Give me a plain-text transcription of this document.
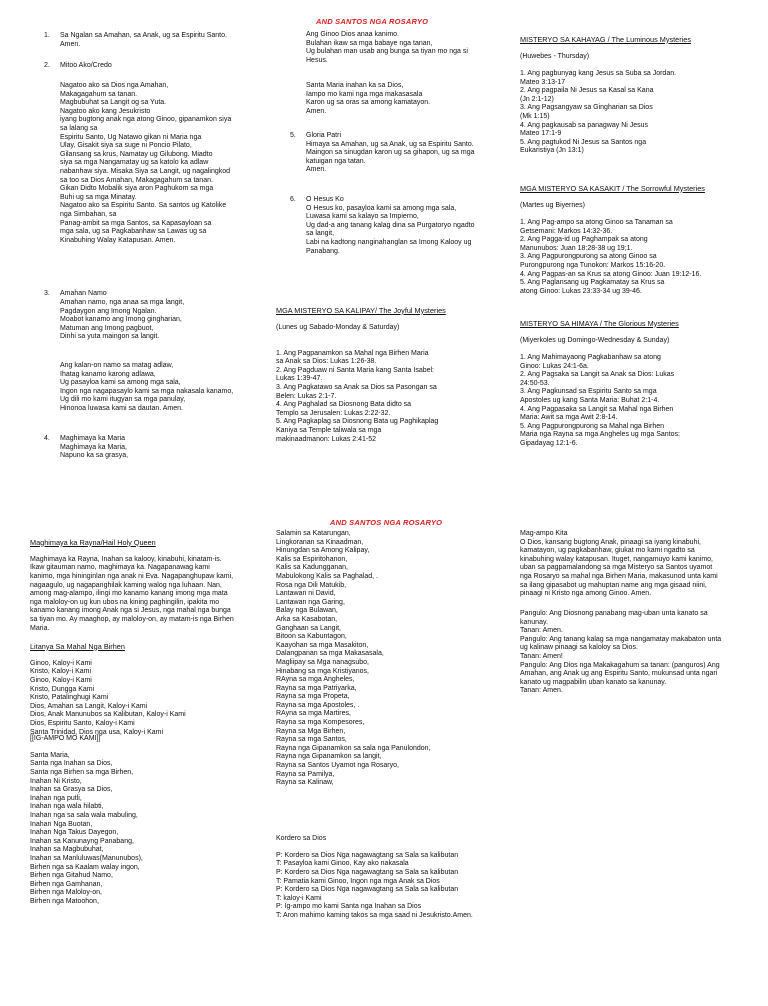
AND SANTOS NGA ROSARYO
AND SANTOS NGA ROSARYO
1. Sa Ngalan sa Amahan, sa Anak, ug sa Espiritu Santo.
Amen.
2. Mitoo Ako/Credo
Nagatoo ako sa Dios nga Amahan,
Makagagahum sa tanan.
Magbubuhat sa Langit og sa Yuta.
Nagatoo ako kang Jesukristo
iyang bugtong anak nga atong Ginoo, gipanamkon siya
sa lalang sa
Espiritu Santo, Ug Natawo gikan ni Maria nga
Ulay, Gisakit siya sa suge ni Poncio Pilato,
Gilansang sa krus, Namatay ug Gilubong. Miadto
siya sa mga Nangamatay ug sa katolo ka adlaw
nabanhaw siya. Misaka Siya sa Langit, ug nagalingkod
sa too sa Dios Amahan, Makagagahum sa tanan.
Gikan Didto Mobalik siya aron Paghukom sa mga
Buhi ug sa mga Minatay.
Nagatoo ako sa Espiritu Santo. Sa santos ug Katolike
nga Simbahan, sa
Panag-ambit sa mga Santos, sa Kapasayloan sa
mga sala, ug sa Pagkabanhaw sa Lawas ug sa
Kinabuhing Walay Katapusan. Amen.
3. Amahan Namo
Amahan namo, nga anaa sa mga langit,
Pagdaygon ang Imong Ngalan.
Moabot kanamo ang Imong gingharian,
Matuman ang Imong pagbuot,
Dinhi sa yuta maingon sa langit.
Ang kalan-on namo sa matag adlaw,
Ihatag kanamo karong adlawa,
Ug pasayloa kami sa among mga sala,
Ingon nga nagapasaylo kami sa mga nakasala kanamo,
Ug dili mo kami itugyan sa mga panulay,
Hinonoa luwasa kami sa dautan. Amen.
4. Maghimaya ka Maria
Maghimaya ka Maria,
Napuno ka sa grasya,
Ang Ginoo Dios anaa kanimo.
Bulahan ikaw sa mga babaye nga tanan,
Ug bulahan man usab ang bunga sa tiyan mo nga si
Hesus.
Santa Maria inahan ka sa Dios,
Iampo mo kami nga mga makasasala
Karon ug sa oras sa among kamatayon.
Amen.
5. Gloria Patri
Himaya sa Amahan, ug sa Anak, ug sa Espiritu Santo.
Maingon sa sinugdan karon ug sa gihapon, ug sa mga
katuigan nga tatan.
Amen.
6. O Hesus Ko
O Hesus ko, pasayloa kami sa among mga sala,
Luwasa kami sa kalayo sa Impierno,
Ug dad-a ang tanang kalag dina sa Purgatoryo ngadto
sa langit,
Labi na kadtong nanginahanglan sa Imong Kalooy ug
Panabang.

MGA MISTERYO SA KALIPAY/ The Joyful Mysteries

(Lunes ug Sabado-Monday & Saturday)

1. Ang Pagpanamkon sa Mahal nga Birhen Maria
sa Anak sa Dios: Lukas 1:26-38.
2. Ang Pagduaw ni Santa Maria kang Santa Isabel:
Lukas 1:39-47.
3. Ang Pagkatawo sa Anak sa Dios sa Pasongan sa
Belen: Lukas 2:1-7.
4. Ang Paghalad sa Diosnong Bata didto sa
Templo sa Jerusalen: Lukas 2:22-32.
5. Ang Pagkaplag sa Diosnong Bata ug Paghikaplag
Kaniya sa Temple taliwala sa mga
makinaadmanon: Lukas 2:41-52

MISTERYO SA KAHAYAG / The Luminous Mysteries

(Huwebes - Thursday)

1. Ang pagbunyag kang Jesus sa Suba sa Jordan.
Mateo 3:13-17
2. Ang pagpaila Ni Jesus sa Kasal sa Kana
(Jn 2:1-12)
3. Ang Pagsangyaw sa Gingharian sa Dios
(Mk 1:15)
4. Ang pagkausab sa panagway Ni Jesus
Mateo 17:1-9
5. Ang pagtukod Ni Jesus sa Santos nga
Eukaristiya (Jn 13:1)

MGA MISTERYO SA KASAKIT / The Sorrowful Mysteries

(Martes ug Biyernes)

1. Ang Pag-ampo sa atong Ginoo sa Tanaman sa
Getsemani: Markos 14:32-36.
2. Ang Pagga-id ug Paghampak sa atong
Manunubos: Juan 18:28-38 ug 19;1.
3. Ang Pagpurongpurong sa atong Ginoo sa
Purongpurong nga Tunokon: Markos 15:16-20.
4. Ang Pagpas-an sa Krus sa atong Ginoo: Juan 19:12-16.
5. Ang Paglansang ug Pagkamatay sa Krus sa
atong Ginoo: Lukas 23:33-34 ug 39-46.

MISTERYO SA HIMAYA / The Glorious Mysteries

(Miyerkoles ug Domingo-Wednesday & Sunday)

1. Ang Mahimayaong Pagkabanhaw sa atong
Ginoo: Lukas 24:1-6a.
2. Ang Pagsaka sa Langit sa Anak sa Dios: Lukas
24:50-53.
3. Ang Pagkunsad sa Espiritu Santo sa mga
Apostoles ug kang Santa Maria: Buhat 2:1-4.
4. Ang Pagpasaka sa Langit sa Mahal nga Birhen
Maria: Awit sa mga Awit 2:8-14.
5. Ang Pagpurongpurong sa Mahal nga Birhen
Maria nga Rayna sa mga Angheles ug mga Santos:
Gipadayag 12:1-6.

Maghimaya ka Rayna/Hail Holy Queen

Maghimaya ka Rayna, Inahan sa kalooy, kinabuhi, kinatam-is.
Ikaw gitauman namo, maghimaya ka. Nagapanawag kami
kanimo, mga hininginlan nga anak ni Eva. Nagapanghupaw kami,
nagaagulo, ug nagapanghilak kaming walog nga luhaan. Nan,
among mag-alampo, ilingi mo kanamo kanang imong mga mata
nga maloloy-on ug kun ubos na kining paghingilin, ipakita mo
kanamo kanang imong Anak nga si Jesus, nga mahal nga bunga
sa tiyan mo. Ay maaghop, ay maloloy-on, ay matam-is nga Birhen
Maria.

Litanya Sa Mahal Nga Birhen

Ginoo, Kaloy-i Kami
Kristo, Kaloy-i Kami
Ginoo, Kaloy-i Kami
Kristo, Dungga Kami
Kristo, Patalinghugi Kami
Dios, Amahan sa Langit, Kaloy-i Kami
Dios, Anak Manunubos sa Kalibutan, Kaloy-i Kami
Dios, Espiritu Santo, Kaloy-i Kami
Santa Trinidad, Dios nga usa, Kaloy-i Kami

[[IG-AMPO MO KAMI]]

Santa Maria,
Santa nga Inahan sa Dios,
Santa nga Birhen sa mga Birhen,
Inahan Ni Kristo,
Inahan sa Grasya sa Dios,
Inahan nga putli,
Inahan nga wala hilabti,
Inahan nga sa sala wala mabuling,
Inahan Nga Buotan,
Inahan Nga Takus Dayegon,
Inahan sa Kanunayng Panabang,
Inahan sa Magbubuhat,
Inahan sa Manluluwas(Manunubos),
Birhen nga sa Kaalam walay ingon,
Birhen nga Gitahud Namo,
Birhen nga Gamhanan,
Birhen nga Maloloy-on,
Birhen nga Matoohon,

Salamin sa Katarungan,
Lingkoranan sa Kinaadman,
Hinungdan sa Among Kalipay,
Kalis sa Espiritohanon,
Kalis sa Kadungganan,
Mabulokong Kalis sa Paghalad, .
Rosa nga Dili Matukib,
Lantawan ni David,
Lantawan nga Garing,
Balay nga Bulawan,
Arka sa Kasabotan,
Ganghaan sa Langit,
Bitoon sa Kabuntagon,
Kaayohan sa mga Masakiton,
Dalangpanan sa mga Makasasala,
Magliipay sa Mga nanagsubo,
Hinabang sa mga Kristiyanos,
RAyna sa mga Angheles,
Rayna sa mga Patriyarka,
Rayna sa mga Propeta,
Rayna sa mga Apostoles, .
RAyna sa mga Martires,
Rayna sa mga Kompesores,
Rayna sa Mga Birhen,
Rayna sa mga Santos,
Rayna nga Gipanamkon sa sala nga Panulondon,
Rayna nga Gipanamkon sa langit,
Rayna sa Santos Uyamot nga Rosaryo,
Rayna sa Pamilya,
Rayna sa Kalinaw,

Kordero sa Dios

P: Kordero sa Dios Nga nagawagtang sa Sala sa kalibutan
T: Pasayloa kami Ginoo, Kay ako nakasala
P: Kordero sa Dios Nga nagawagtang sa Sala sa kalibutan
T: Pamatia kami Ginoo, Ingon nga mga Anak sa Dios
P: Kordero sa Dios Nga nagawagtang sa Sala sa kalibutan
T: kaloy-i Kami
P: Ig-ampo mo kami Santa nga Inahan sa Dios
T: Aron mahimo kaming takos sa mga saad ni Jesukristo.Amen.

Mag-ampo Kita
O Dios, kansang bugtong Anak, pinaagi sa iyang kinabuhi,
kamatayon, ug pagkabanhaw, giukat mo kami ngadto sa
kinabuhing walay katapusan. Ituget, nangamuyo kami kanimo,
uban sa pagpamalandong sa mga Misteryo sa Santos uyamot
nga Rosaryo sa mahal nga Birhen Maria, makasunod unta kami
sa ilang gipasabot ug mahuptan name ang mga gisaad niini,
pinaagi ni Kristo nga among Ginoo. Amen.
Pangulo: Ang Diosnong panabang mag-uban unta kanato sa
kanunay.
Tanan: Amen.
Pangulo: Ang tanang kalag sa mga nangamatay makabaton unta
ug kalinaw pinaagi sa kaloloy sa Dios.
Tanan: Amen!
Pangulo: Ang Dios nga Makakagahum sa tanan: (panguros) Ang
Amahan, ang Anak ug ang Espiritu Santo, mukunsad unta ngari
kanato ug magpabilin uban kanato sa kanunay.
Tanan: Amen.
